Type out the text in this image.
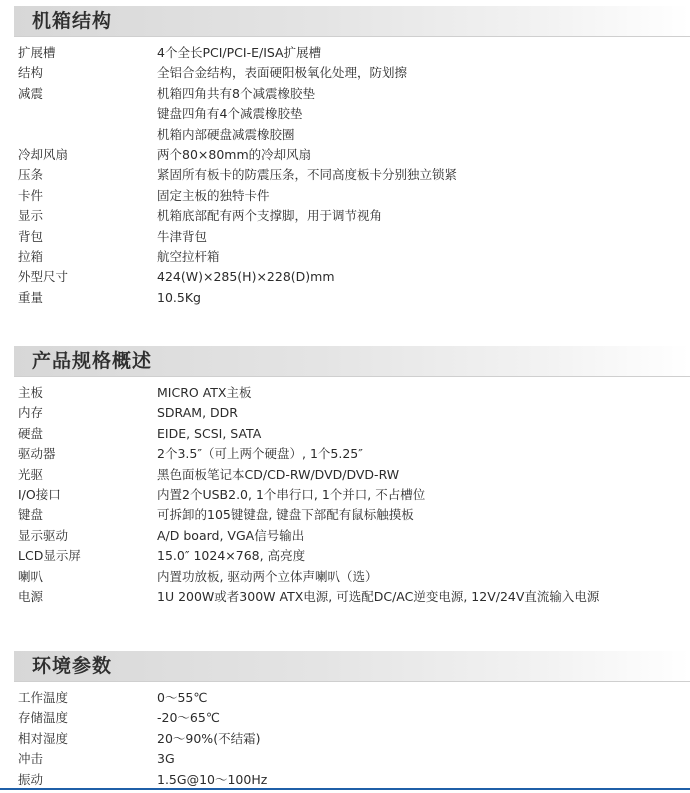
机箱结构
扩展槽	4个全长PCI/PCI-E/ISA扩展槽
结构	全铝合金结构，表面硬阳极氧化处理，防划擦
减震	机箱四角共有8个减震橡胶垫
键盘四角有4个减震橡胶垫
机箱内部硬盘减震橡胶圈
冷却风扇	两个80×80mm的冷却风扇
压条	紧固所有板卡的防震压条，不同高度板卡分别独立锁紧
卡件	固定主板的独特卡件
显示	机箱底部配有两个支撑脚，用于调节视角
背包	牛津背包
拉箱	航空拉杆箱
外型尺寸	424(W)×285(H)×228(D)mm
重量	10.5Kg
产品规格概述
主板	MICRO ATX主板
内存	SDRAM, DDR
硬盘	EIDE, SCSI, SATA
驱动器	2个3.5″（可上两个硬盘）, 1个5.25″
光驱	黑色面板笔记本CD/CD-RW/DVD/DVD-RW
I/O接口	内置2个USB2.0, 1个串行口, 1个并口, 不占槽位
键盘	可拆卸的105键键盘, 键盘下部配有鼠标触摸板
显示驱动	A/D board, VGA信号输出
LCD显示屏	15.0″ 1024×768, 高亮度
喇叭	内置功放板, 驱动两个立体声喇叭（选）
电源	1U 200W或者300W ATX电源, 可选配DC/AC逆变电源, 12V/24V直流输入电源
环境参数
工作温度	0～55℃
存储温度	-20～65℃
相对湿度	20～90%(不结霜)
冲击	3G
振动	1.5G@10～100Hz
